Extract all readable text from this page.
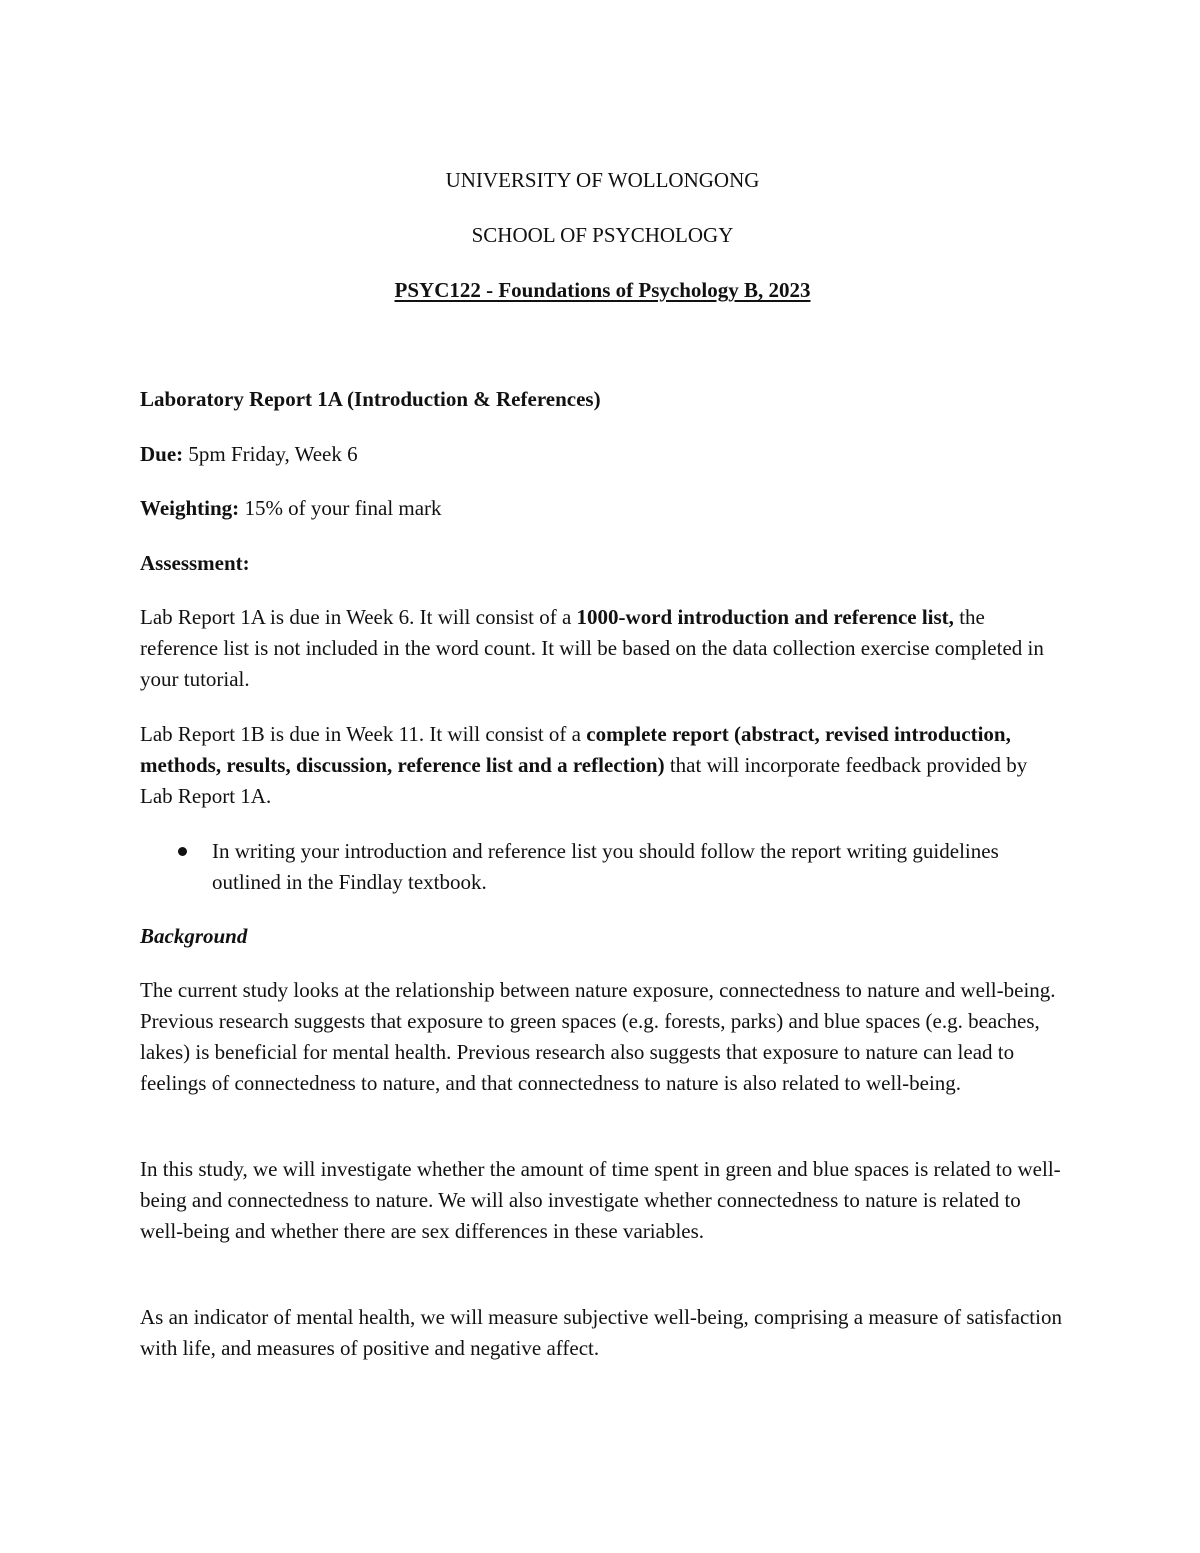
UNIVERSITY OF WOLLONGONG
SCHOOL OF PSYCHOLOGY
PSYC122 - Foundations of Psychology B, 2023
Laboratory Report 1A (Introduction & References)
Due: 5pm Friday, Week 6
Weighting: 15% of your final mark
Assessment:

Lab Report 1A is due in Week 6. It will consist of a 1000-word introduction and reference list, the reference list is not included in the word count. It will be based on the data collection exercise completed in your tutorial.

Lab Report 1B is due in Week 11. It will consist of a complete report (abstract, revised introduction, methods, results, discussion, reference list and a reflection) that will incorporate feedback provided by Lab Report 1A.

In writing your introduction and reference list you should follow the report writing guidelines outlined in the Findlay textbook.
Background

The current study looks at the relationship between nature exposure, connectedness to nature and well-being. Previous research suggests that exposure to green spaces (e.g. forests, parks) and blue spaces (e.g. beaches, lakes) is beneficial for mental health. Previous research also suggests that exposure to nature can lead to feelings of connectedness to nature, and that connectedness to nature is also related to well-being.

In this study, we will investigate whether the amount of time spent in green and blue spaces is related to well-being and connectedness to nature. We will also investigate whether connectedness to nature is related to well-being and whether there are sex differences in these variables.

As an indicator of mental health, we will measure subjective well-being, comprising a measure of satisfaction with life, and measures of positive and negative affect.
